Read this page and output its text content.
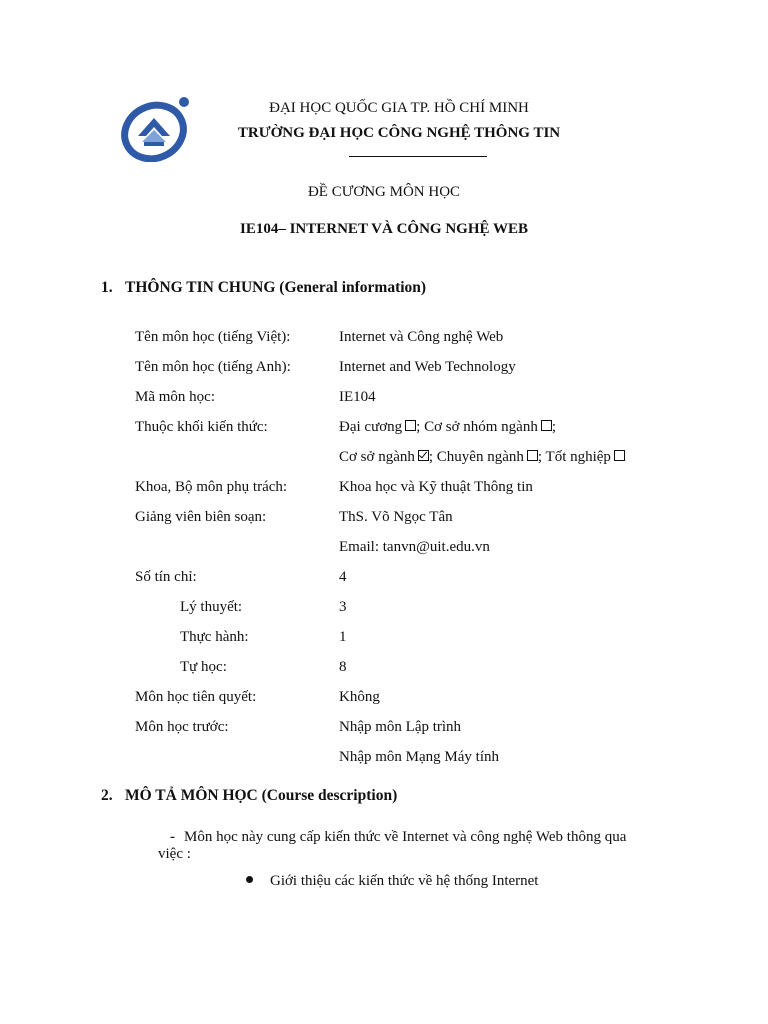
ĐẠI HỌC QUỐC GIA TP. HỒ CHÍ MINH
TRƯỜNG ĐẠI HỌC CÔNG NGHỆ THÔNG TIN
ĐỀ CƯƠNG MÔN HỌC
IE104– INTERNET VÀ CÔNG NGHỆ WEB
1. THÔNG TIN CHUNG (General information)
Tên môn học (tiếng Việt):	Internet và Công nghệ Web
Tên môn học (tiếng Anh):	Internet and Web Technology
Mã môn học:	IE104
Thuộc khối kiến thức:	Đại cương ; Cơ sở nhóm ngành ;
Cơ sở ngành ; Chuyên ngành ; Tốt nghiệp
Khoa, Bộ môn phụ trách:	Khoa học và Kỹ thuật Thông tin
Giảng viên biên soạn:	ThS. Võ Ngọc Tân
Email: tanvn@uit.edu.vn
Số tín chỉ:	4
Lý thuyết:	3
Thực hành:	1
Tự học:	8
Môn học tiên quyết:	Không
Môn học trước:	Nhập môn Lập trình
Nhập môn Mạng Máy tính
2. MÔ TẢ MÔN HỌC (Course description)
- Môn học này cung cấp kiến thức về Internet và công nghệ Web thông qua
việc :
Giới thiệu các kiến thức về hệ thống Internet
